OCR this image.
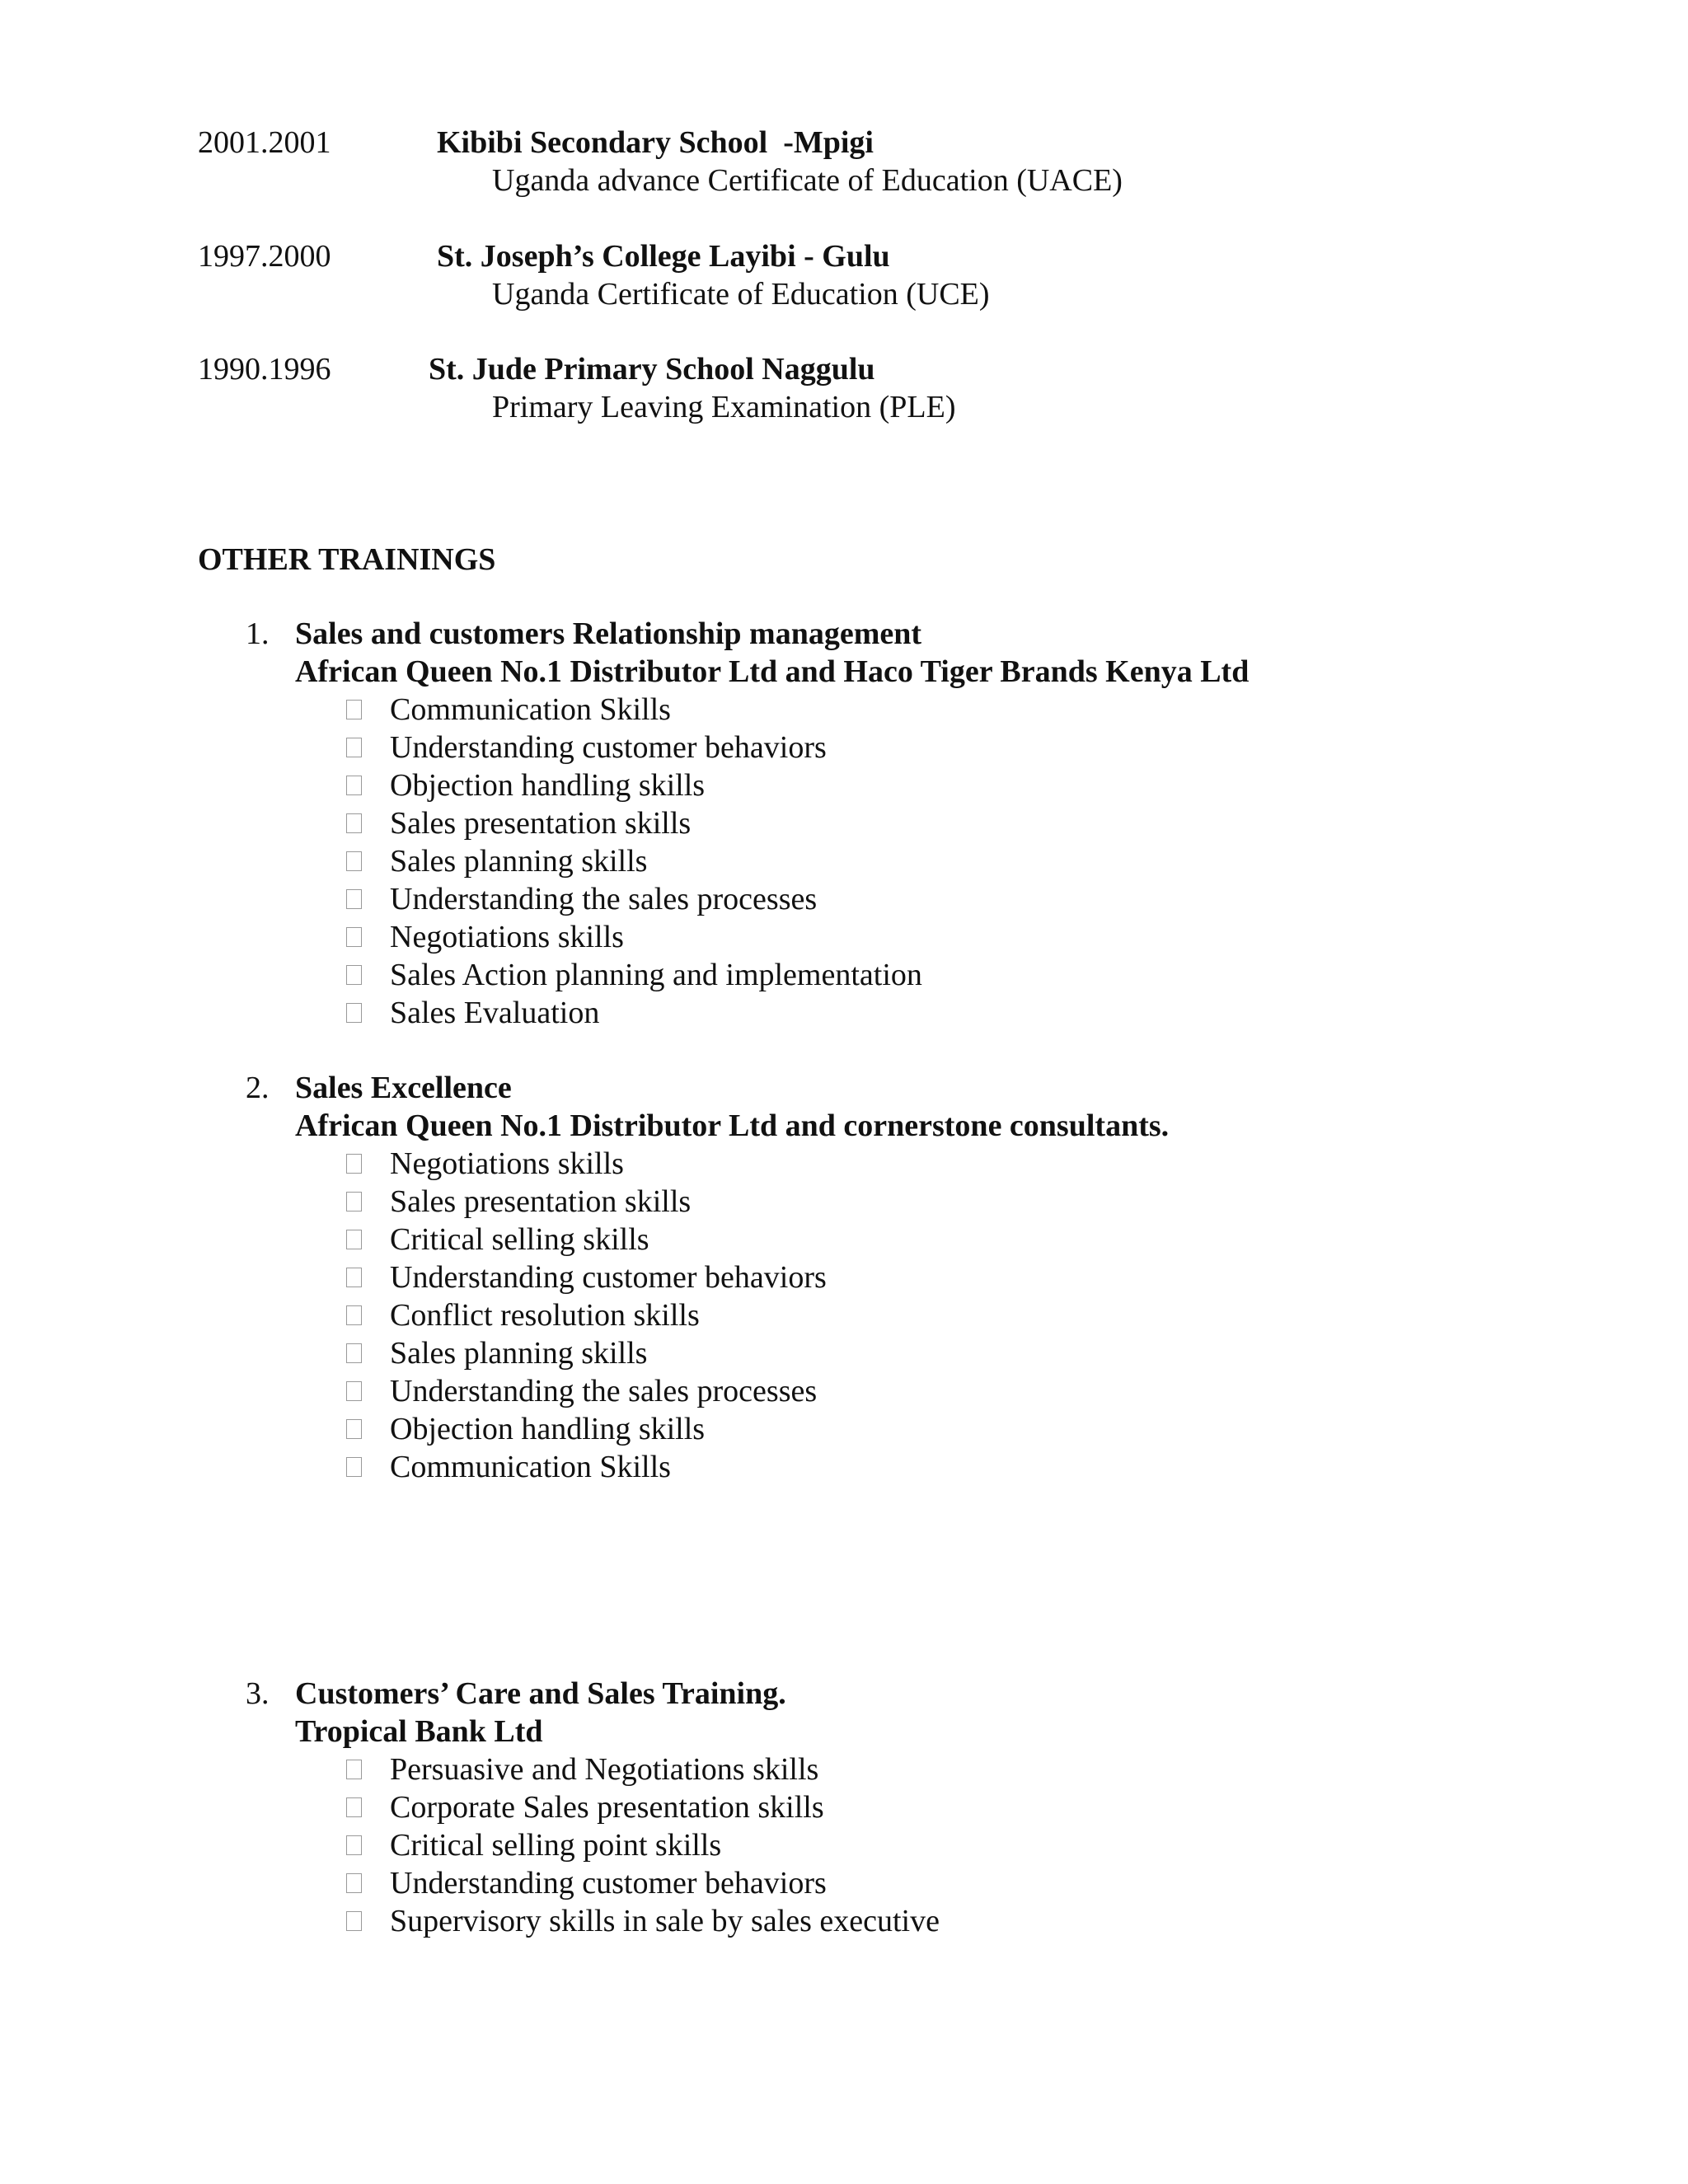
2001.2001	Kibibi Secondary School  -Mpigi
Uganda advance Certificate of Education (UACE)
1997.2000	St. Joseph’s College Layibi - Gulu
Uganda Certificate of Education (UCE)
1990.1996	St. Jude Primary School Naggulu
Primary Leaving Examination (PLE)
OTHER TRAININGS
1. Sales and customers Relationship management
African Queen No.1 Distributor Ltd and Haco Tiger Brands Kenya Ltd
Communication Skills
Understanding customer behaviors
Objection handling skills
Sales presentation skills
Sales planning skills
Understanding the sales processes
Negotiations skills
Sales Action planning and implementation
Sales Evaluation
2. Sales Excellence
African Queen No.1 Distributor Ltd and cornerstone consultants.
Negotiations skills
Sales presentation skills
Critical selling skills
Understanding customer behaviors
Conflict resolution skills
Sales planning skills
Understanding the sales processes
Objection handling skills
Communication Skills
3. Customers’ Care and Sales Training.
Tropical Bank Ltd
Persuasive and Negotiations skills
Corporate Sales presentation skills
Critical selling point skills
Understanding customer behaviors
Supervisory skills in sale by sales executive
